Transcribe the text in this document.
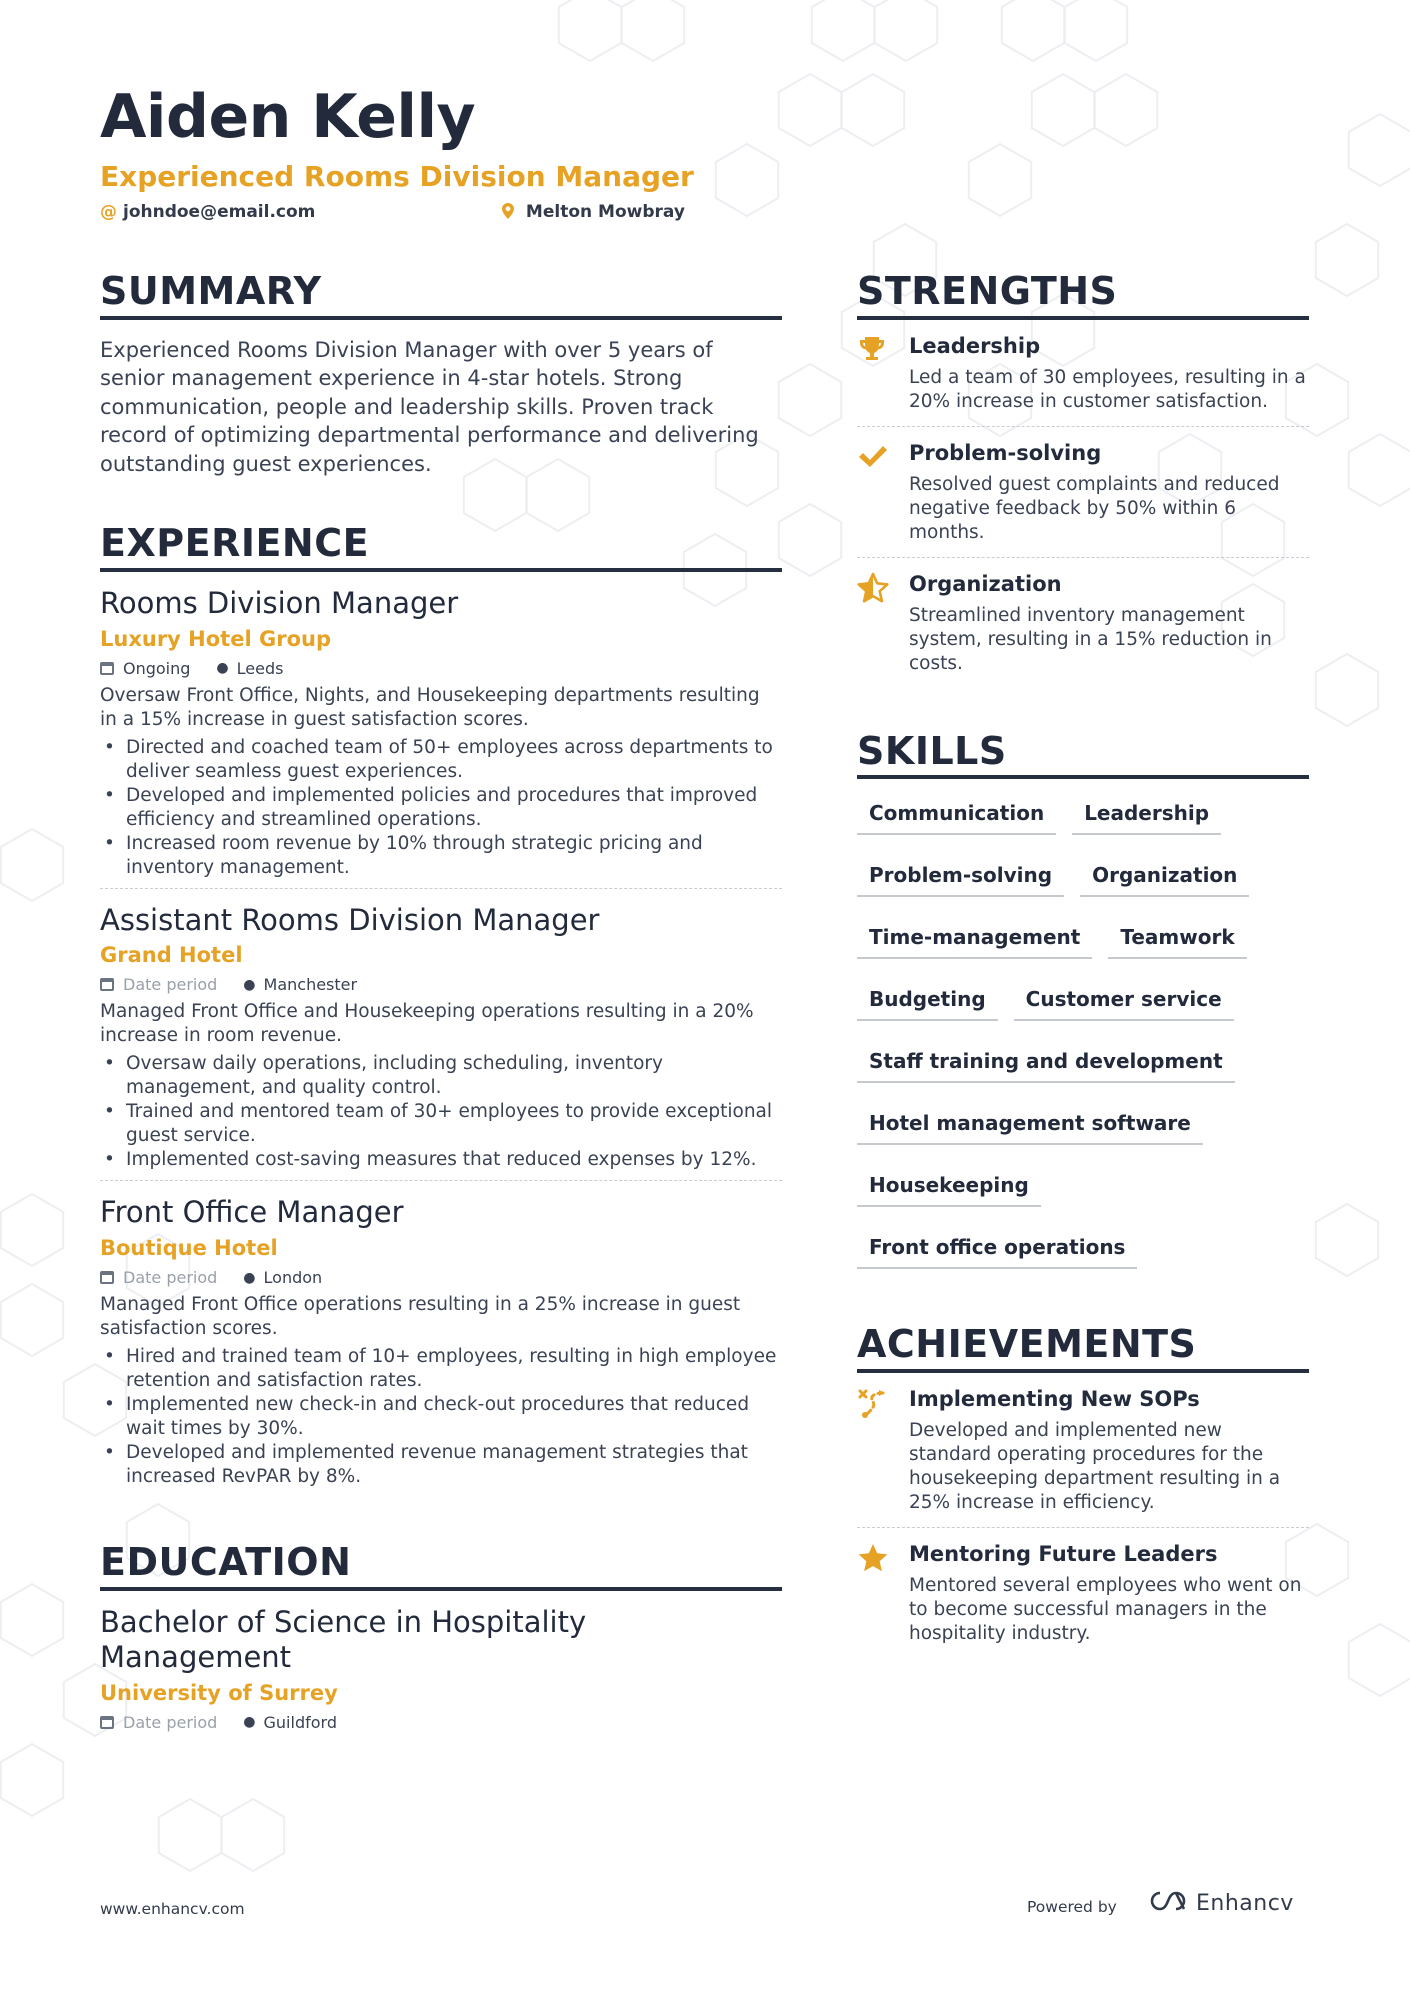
Aiden Kelly
Experienced Rooms Division Manager
@ johndoe@email.com	Melton Mowbray
SUMMARY
Experienced Rooms Division Manager with over 5 years of senior management experience in 4-star hotels. Strong communication, people and leadership skills. Proven track record of optimizing departmental performance and delivering outstanding guest experiences.
EXPERIENCE
Rooms Division Manager
Luxury Hotel Group
Ongoing ● Leeds
Oversaw Front Office, Nights, and Housekeeping departments resulting in a 15% increase in guest satisfaction scores.
• Directed and coached team of 50+ employees across departments to deliver seamless guest experiences.
• Developed and implemented policies and procedures that improved efficiency and streamlined operations.
• Increased room revenue by 10% through strategic pricing and inventory management.
Assistant Rooms Division Manager
Grand Hotel
Date period ● Manchester
Managed Front Office and Housekeeping operations resulting in a 20% increase in room revenue.
• Oversaw daily operations, including scheduling, inventory management, and quality control.
• Trained and mentored team of 30+ employees to provide exceptional guest service.
• Implemented cost-saving measures that reduced expenses by 12%.
Front Office Manager
Boutique Hotel
Date period ● London
Managed Front Office operations resulting in a 25% increase in guest satisfaction scores.
• Hired and trained team of 10+ employees, resulting in high employee retention and satisfaction rates.
• Implemented new check-in and check-out procedures that reduced wait times by 30%.
• Developed and implemented revenue management strategies that increased RevPAR by 8%.
EDUCATION
Bachelor of Science in Hospitality Management
University of Surrey
Date period ● Guildford
STRENGTHS
Leadership
Led a team of 30 employees, resulting in a 20% increase in customer satisfaction.
Problem-solving
Resolved guest complaints and reduced negative feedback by 50% within 6 months.
Organization
Streamlined inventory management system, resulting in a 15% reduction in costs.
SKILLS
Communication	Leadership
Problem-solving	Organization
Time-management	Teamwork
Budgeting	Customer service
Staff training and development
Hotel management software
Housekeeping
Front office operations
ACHIEVEMENTS
Implementing New SOPs
Developed and implemented new standard operating procedures for the housekeeping department resulting in a 25% increase in efficiency.
Mentoring Future Leaders
Mentored several employees who went on to become successful managers in the hospitality industry.
www.enhancv.com	Powered by	Enhancv
